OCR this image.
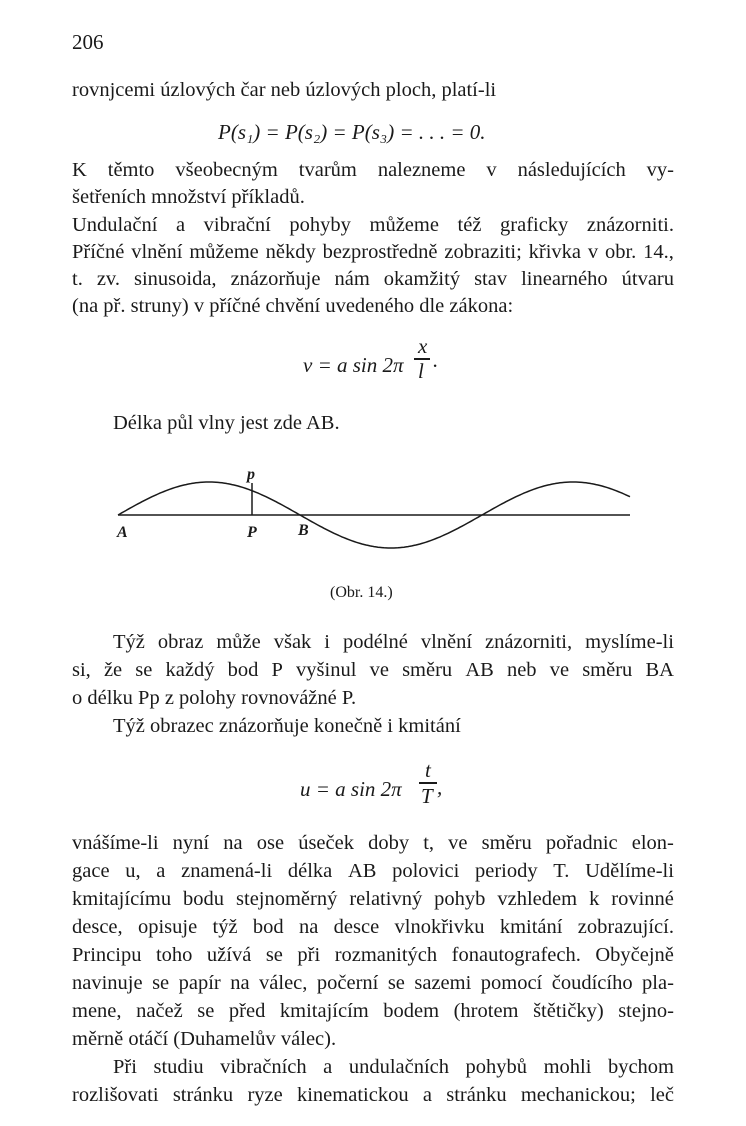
206
rovnjcemi úzlových čar neb úzlových ploch, platí-li
P(s₁) = P(s₂) = P(s₃) = . . . = 0.
K těmto všeobecným tvarům nalezneme v následujících vy-
šetřeních množství příkladů.
Undulační a vibrační pohyby můžeme též graficky znázorniti.
Příčné vlnění můžeme někdy bezprostředně zobraziti; křivka v obr. 14.,
t. zv. sinusoida, znázorňuje nám okamžitý stav linearného útvaru
(na př. struny) v příčné chvění uvedeného dle zákona:
v = a sin 2π
x
l .
Délka půl vlny jest zde AB.
A	P	B
p
(Obr. 14.)
Týž obraz může však i podélné vlnění znázorniti, myslíme-li
si, že se každý bod P vyšinul ve směru AB neb ve směru BA
o délku Pp z polohy rovnovážné P.
Týž obrazec znázorňuje konečně i kmitání
u = a sin 2π
t
T ,
vnášíme-li nyní na ose úseček doby t, ve směru pořadnic elon-
gace u, a znamená-li délka AB polovici periody T. Udělíme-li
kmitajícímu bodu stejnoměrný relativný pohyb vzhledem k rovinné
desce, opisuje týž bod na desce vlnokřivku kmitání zobrazující.
Principu toho užívá se při rozmanitých fonautografech. Obyčejně
navinuje se papír na válec, počerní se sazemi pomocí čoudícího pla-
mene, načež se před kmitajícím bodem (hrotem štětičky) stejno-
měrně otáčí (Duhamelův válec).
Při studiu vibračních a undulačních pohybů mohli bychom
rozlišovati stránku ryze kinematickou a stránku mechanickou; leč
